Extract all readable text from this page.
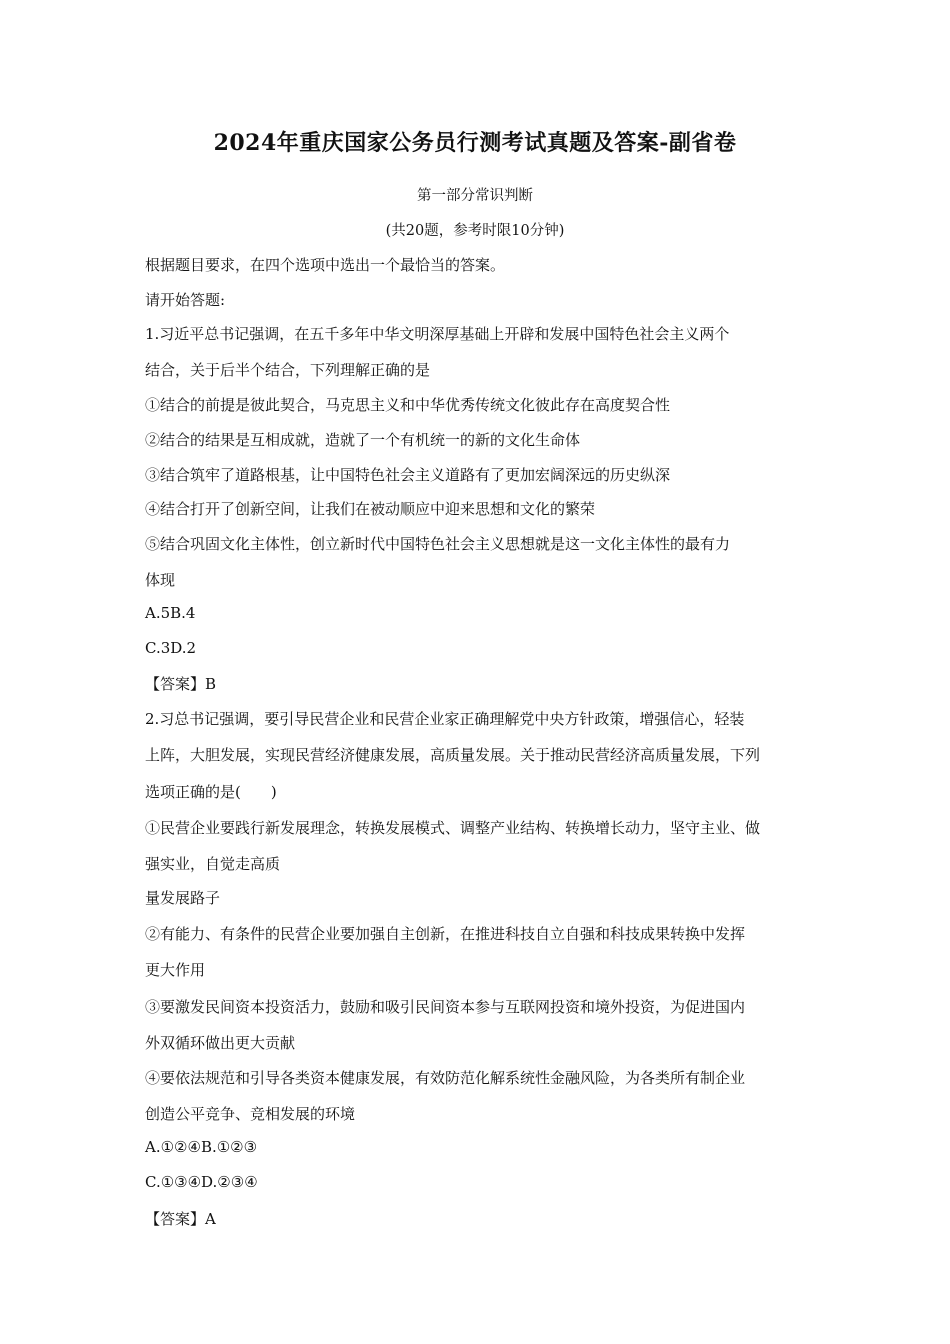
2024年重庆国家公务员行测考试真题及答案-副省卷
第一部分常识判断
(共20题，参考时限10分钟)
根据题目要求，在四个选项中选出一个最恰当的答案。
请开始答题:
1.习近平总书记强调，在五千多年中华文明深厚基础上开辟和发展中国特色社会主义两个
结合，关于后半个结合，下列理解正确的是
①结合的前提是彼此契合，马克思主义和中华优秀传统文化彼此存在高度契合性
②结合的结果是互相成就，造就了一个有机统一的新的文化生命体
③结合筑牢了道路根基，让中国特色社会主义道路有了更加宏阔深远的历史纵深
④结合打开了创新空间，让我们在被动顺应中迎来思想和文化的繁荣
⑤结合巩固文化主体性，创立新时代中国特色社会主义思想就是这一文化主体性的最有力
体现
A.5B.4
C.3D.2
【答案】B
2.习总书记强调，要引导民营企业和民营企业家正确理解党中央方针政策，增强信心，轻装
上阵，大胆发展，实现民营经济健康发展，高质量发展。关于推动民营经济高质量发展，下列
选项正确的是(　　)
①民营企业要践行新发展理念，转换发展模式、调整产业结构、转换增长动力，坚守主业、做
强实业，自觉走高质
量发展路子
②有能力、有条件的民营企业要加强自主创新，在推进科技自立自强和科技成果转换中发挥
更大作用
③要激发民间资本投资活力，鼓励和吸引民间资本参与互联网投资和境外投资，为促进国内
外双循环做出更大贡献
④要依法规范和引导各类资本健康发展，有效防范化解系统性金融风险，为各类所有制企业
创造公平竞争、竞相发展的环境
A.①②④B.①②③
C.①③④D.②③④
【答案】A
